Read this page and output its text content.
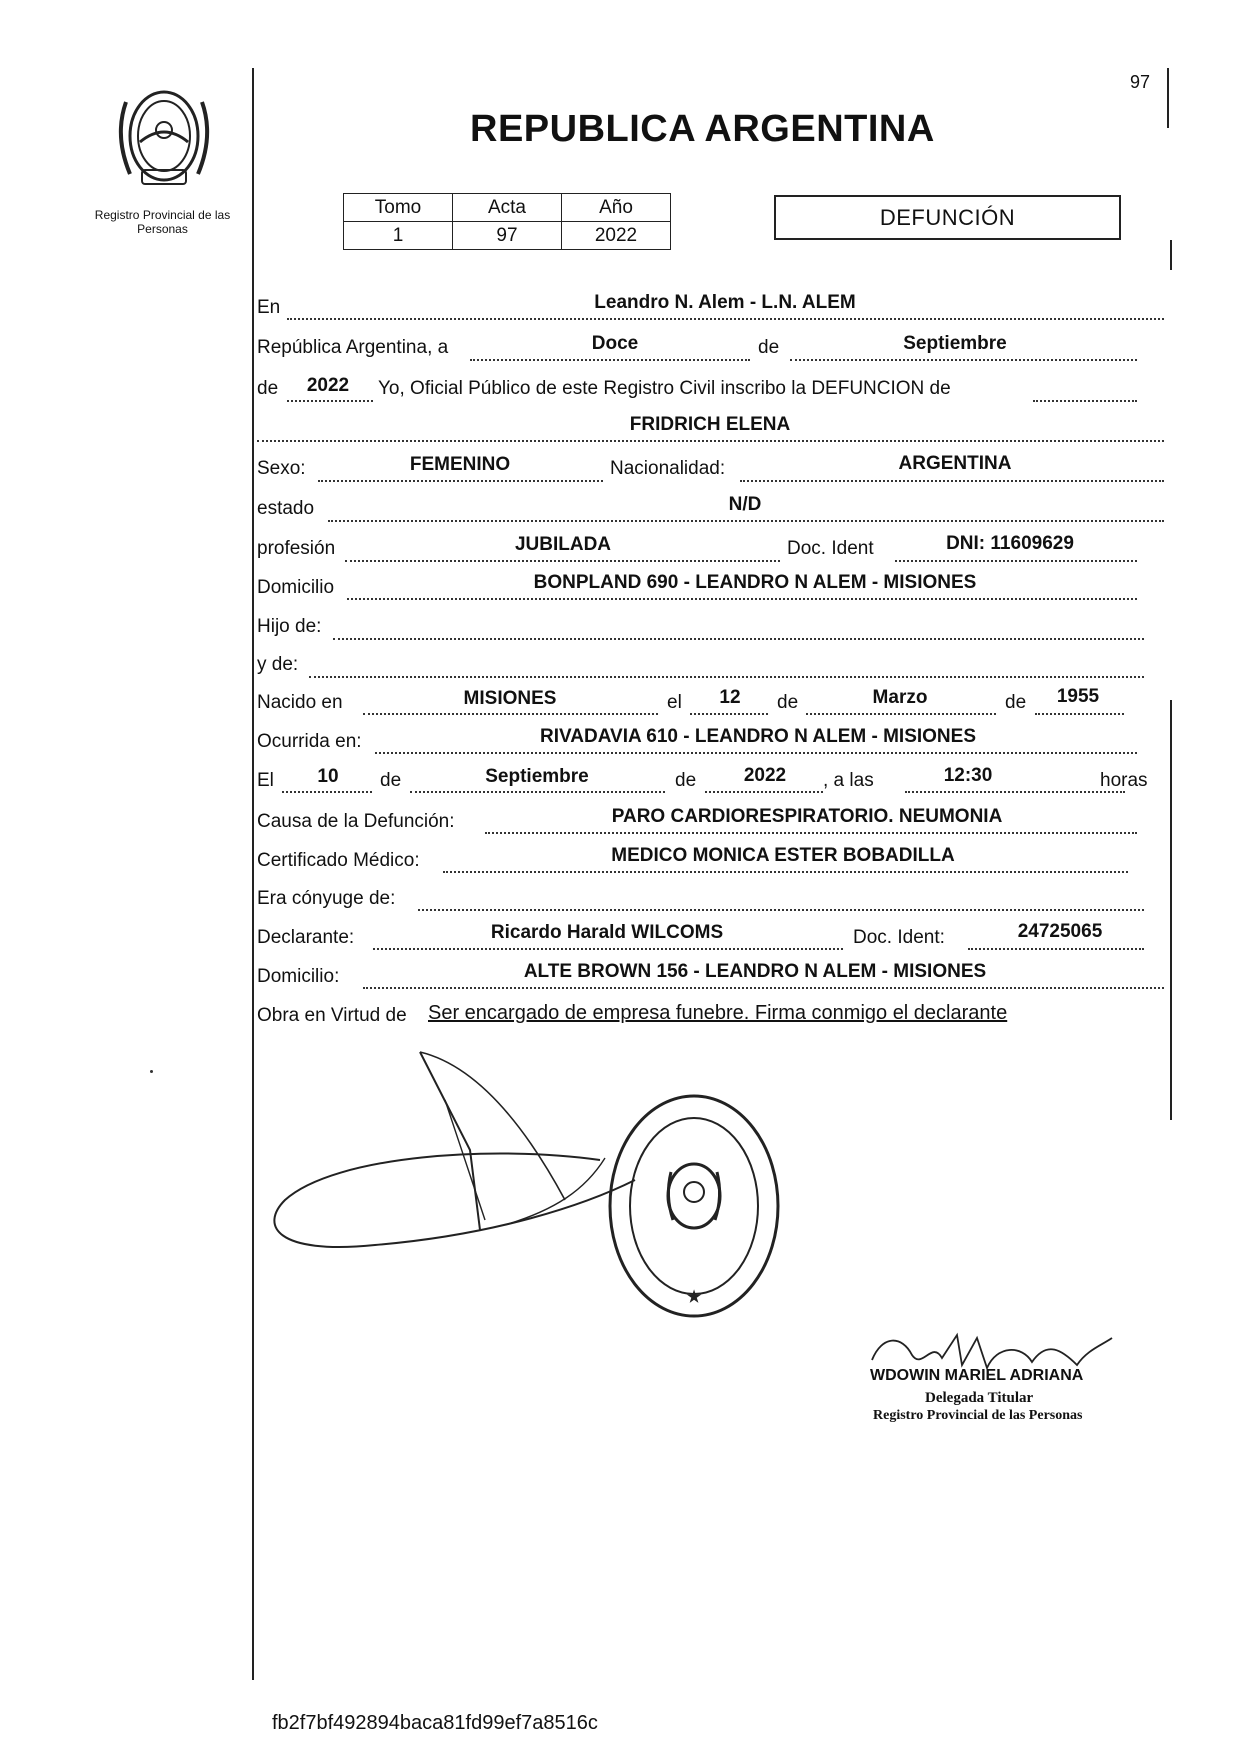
97
Registro Provincial de las Personas
REPUBLICA ARGENTINA
Tomo	Acta	Año
1	97	2022
DEFUNCIÓN
En	Leandro N. Alem - L.N. ALEM
República Argentina, a	Doce	de	Septiembre
de 2022 Yo, Oficial Público de este Registro Civil inscribo la DEFUNCION de
FRIDRICH ELENA
Sexo:	FEMENINO	Nacionalidad:	ARGENTINA
estado	N/D
profesión	JUBILADA	Doc. Ident	DNI: 11609629
Domicilio	BONPLAND 690 - LEANDRO N ALEM - MISIONES
Hijo de:
y de:
Nacido en	MISIONES	el 12 de	Marzo	de 1955
Ocurrida en:	RIVADAVIA 610 - LEANDRO N ALEM - MISIONES
El 10 de	Septiembre	de	2022 , a las	12:30	horas
Causa de la Defunción:	PARO CARDIORESPIRATORIO. NEUMONIA
Certificado Médico:	MEDICO MONICA ESTER BOBADILLA
Era cónyuge de:
Declarante:	Ricardo Harald WILCOMS	Doc. Ident:	24725065
Domicilio:	ALTE BROWN 156 - LEANDRO N ALEM - MISIONES
Obra en Virtud de Ser encargado de empresa funebre. Firma conmigo el declarante
★
WDOWIN MARIEL ADRIANA
Delegada Titular
Registro Provincial de las Personas
fb2f7bf492894baca81fd99ef7a8516c
